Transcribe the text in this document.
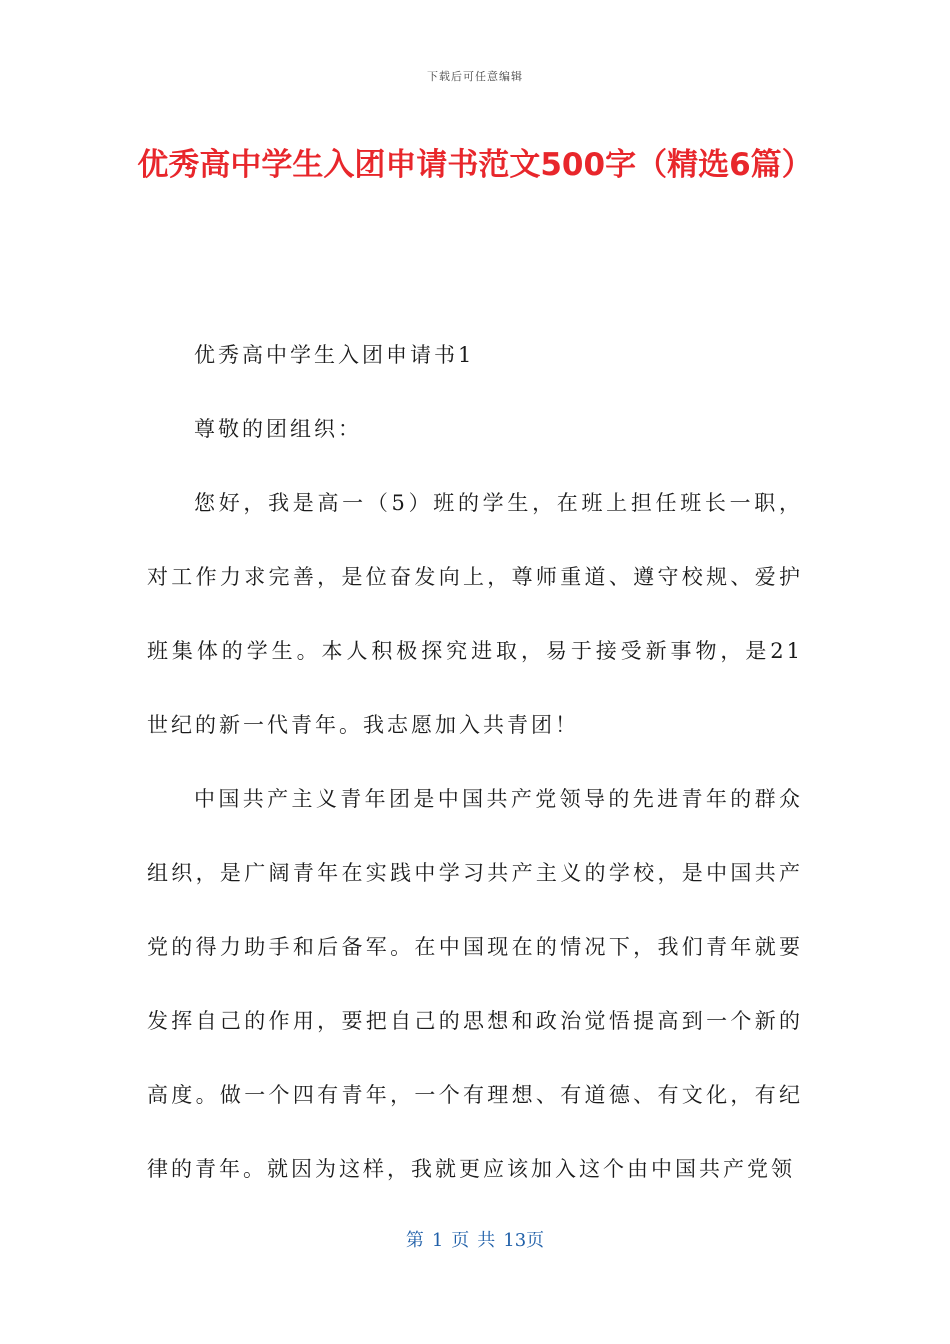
下载后可任意编辑
优秀高中学生入团申请书范文500字（精选6篇）

优秀高中学生入团申请书1

尊敬的团组织：

您好，我是高一（5）班的学生，在班上担任班长一职，对工作力求完善，是位奋发向上，尊师重道、遵守校规、爱护班集体的学生。本人积极探究进取，易于接受新事物，是21世纪的新一代青年。我志愿加入共青团！

中国共产主义青年团是中国共产党领导的先进青年的群众组织，是广阔青年在实践中学习共产主义的学校，是中国共产党的得力助手和后备军。在中国现在的情况下，我们青年就要发挥自己的作用，要把自己的思想和政治觉悟提高到一个新的高度。做一个四有青年，一个有理想、有道德、有文化，有纪律的青年。就因为这样，我就更应该加入这个由中国共产党领

第 1 页 共 13页
